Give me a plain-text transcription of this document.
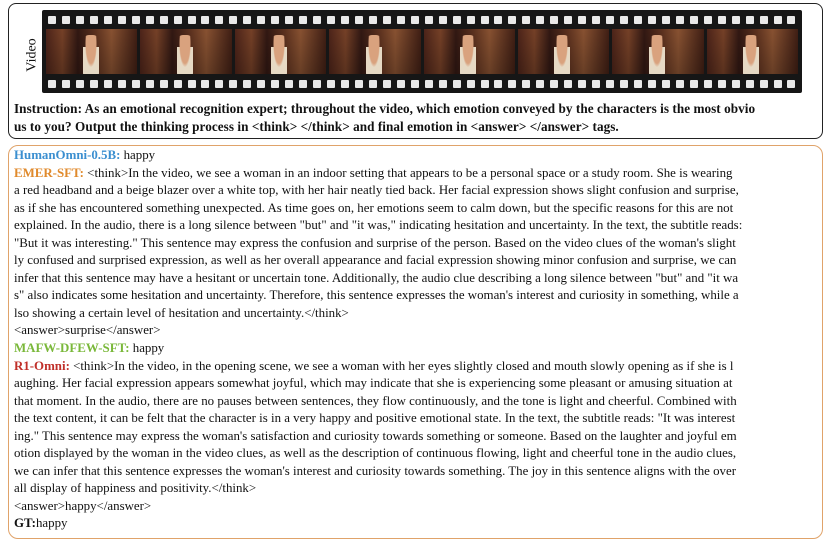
Video
Instruction: As an emotional recognition expert; throughout the video, which emotion conveyed by the characters is the most obvio
us to you? Output the thinking process in <think> </think> and final emotion in <answer> </answer> tags.
HumanOmni-0.5B: happy
EMER-SFT: <think>In the video, we see a woman in an indoor setting that appears to be a personal space or a study room. She is wearing
a red headband and a beige blazer over a white top, with her hair neatly tied back. Her facial expression shows slight confusion and surprise,
as if she has encountered something unexpected. As time goes on, her emotions seem to calm down, but the specific reasons for this are not
explained. In the audio, there is a long silence between "but" and "it was," indicating hesitation and uncertainty. In the text, the subtitle reads:
"But it was interesting." This sentence may express the confusion and surprise of the person. Based on the video clues of the woman's slight
ly confused and surprised expression, as well as her overall appearance and facial expression showing minor confusion and surprise, we can
infer that this sentence may have a hesitant or uncertain tone. Additionally, the audio clue describing a long silence between "but" and "it wa
s" also indicates some hesitation and uncertainty. Therefore, this sentence expresses the woman's interest and curiosity in something, while a
lso showing a certain level of hesitation and uncertainty.</think>
<answer>surprise</answer>
MAFW-DFEW-SFT: happy
R1-Omni: <think>In the video, in the opening scene, we see a woman with her eyes slightly closed and mouth slowly opening as if she is l
aughing. Her facial expression appears somewhat joyful, which may indicate that she is experiencing some pleasant or amusing situation at
that moment. In the audio, there are no pauses between sentences, they flow continuously, and the tone is light and cheerful. Combined with
the text content, it can be felt that the character is in a very happy and positive emotional state. In the text, the subtitle reads: "It was interest
ing." This sentence may express the woman's satisfaction and curiosity towards something or someone. Based on the laughter and joyful em
otion displayed by the woman in the video clues, as well as the description of continuous flowing, light and cheerful tone in the audio clues,
we can infer that this sentence expresses the woman's interest and curiosity towards something. The joy in this sentence aligns with the over
all display of happiness and positivity.</think>
<answer>happy</answer>
GT:happy
